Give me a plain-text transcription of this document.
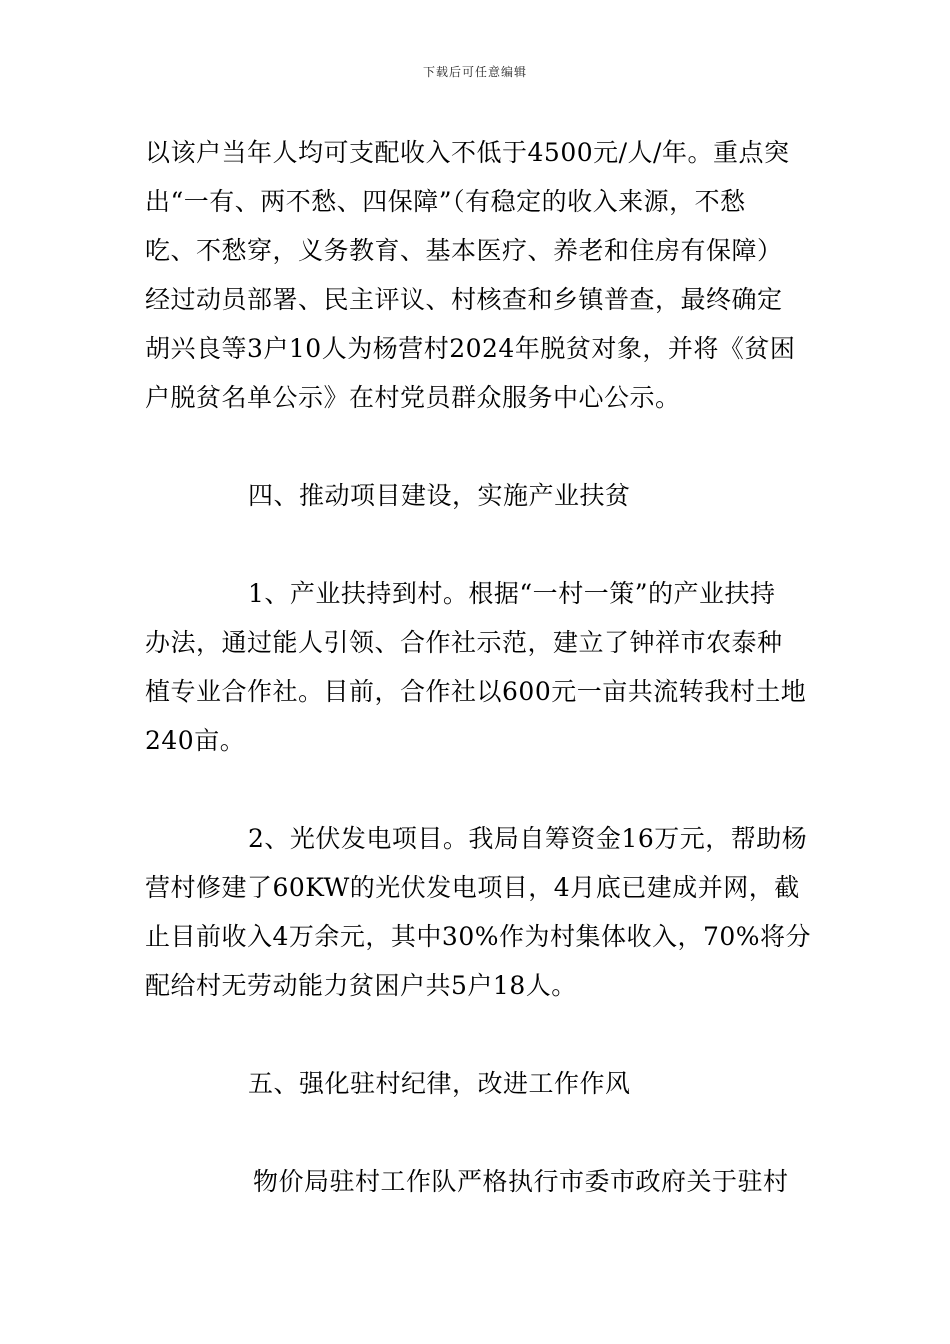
下载后可任意编辑
以该户当年人均可支配收入不低于4500元/人/年。重点突
出“一有、两不愁、四保障”（有稳定的收入来源，不愁
吃、不愁穿，义务教育、基本医疗、养老和住房有保障）
经过动员部署、民主评议、村核查和乡镇普查，最终确定
胡兴良等3户10人为杨营村2024年脱贫对象，并将《贫困
户脱贫名单公示》在村党员群众服务中心公示。
四、推动项目建设，实施产业扶贫
1、产业扶持到村。根据“一村一策”的产业扶持
办法，通过能人引领、合作社示范，建立了钟祥市农泰种
植专业合作社。目前，合作社以600元一亩共流转我村土地
240亩。
2、光伏发电项目。我局自筹资金16万元，帮助杨
营村修建了60KW的光伏发电项目，4月底已建成并网，截
止目前收入4万余元，其中30%作为村集体收入，70%将分
配给村无劳动能力贫困户共5户18人。
五、强化驻村纪律，改进工作作风
物价局驻村工作队严格执行市委市政府关于驻村
